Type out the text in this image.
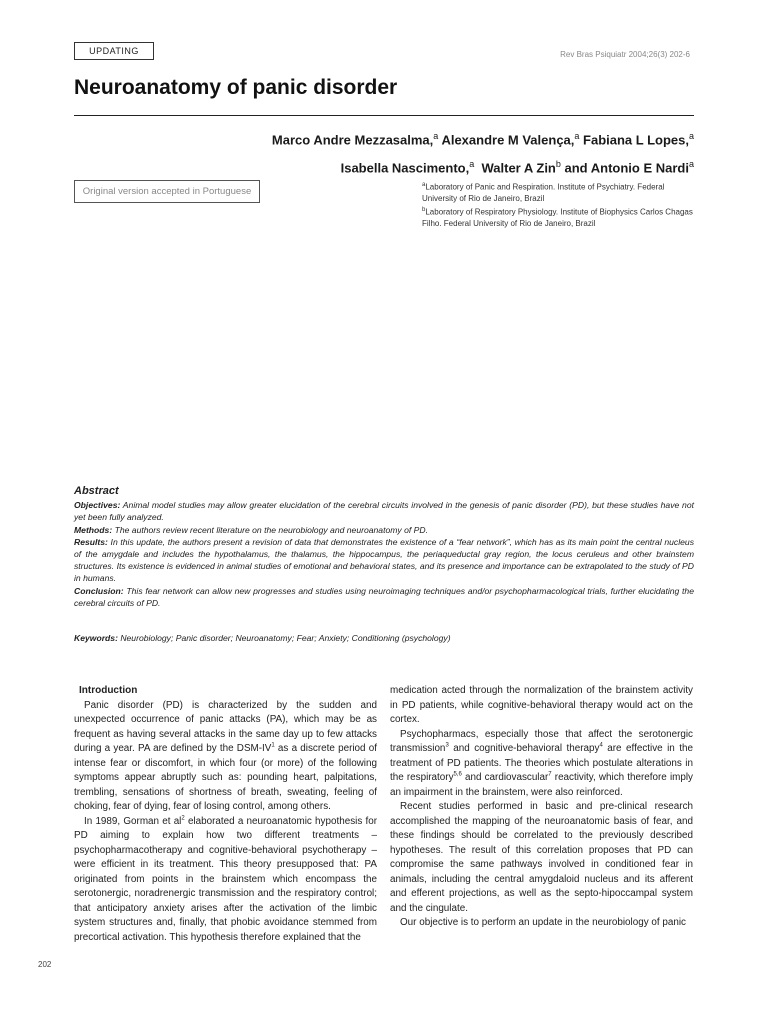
UPDATING	Rev Bras Psiquiatr 2004;26(3) 202-6
Neuroanatomy of panic disorder
Marco Andre Mezzasalma,$^a$ Alexandre M Valença,$^a$ Fabiana L Lopes,$^a$
Isabella Nascimento,$^a$ Walter A Zin$^b$ and Antonio E Nardi$^a$
Original version accepted in Portuguese

$^a$Laboratory of Panic and Respiration. Institute of Psychiatry. Federal University of Rio de Janeiro, Brazil

$^b$Laboratory of Respiratory Physiology. Institute of Biophysics Carlos Chagas Filho. Federal University of Rio de Janeiro, Brazil

Abstract

Objectives: Animal model studies may allow greater elucidation of the cerebral circuits involved in the genesis of panic disorder (PD), but these studies have not yet been fully analyzed.

Methods: The authors review recent literature on the neurobiology and neuroanatomy of PD.

Results: In this update, the authors present a revision of data that demonstrates the existence of a “fear network”, which has as its main point the central nucleus of the amygdale and includes the hypothalamus, the thalamus, the hippocampus, the periaqueductal gray region, the locus ceruleus and other brainstem structures. Its existence is evidenced in animal studies of emotional and behavioral states, and its presence and importance can be extrapolated to the study of PD in humans.

Conclusion: This fear network can allow new progresses and studies using neuroimaging techniques and/or psychopharmacological trials, further elucidating the cerebral circuits of PD.

Keywords: Neurobiology; Panic disorder; Neuroanatomy; Fear; Anxiety; Conditioning (psychology)
Introduction

Panic disorder (PD) is characterized by the sudden and unexpected occurrence of panic attacks (PA), which may be as frequent as having several attacks in the same day up to few attacks during a year. PA are defined by the DSM-$IV^1$ as a discrete period of intense fear or discomfort, in which four (or more) of the following symptoms appear abruptly such as: pounding heart, palpitations, trembling, sensations of shortness of breath, sweating, feeling of choking, fear of dying, fear of losing control, among others.

In 1989, Gorman et $al^2$ elaborated a neuroanatomic hypothesis for PD aiming to explain how two different treatments – psychopharmacotherapy and cognitive-behavioral psychotherapy – were efficient in its treatment. This theory presupposed that: PA originated from points in the brainstem which encompass the serotonergic, noradrenergic transmission and the respiratory control; that anticipatory anxiety arises after the activation of the limbic system structures and, finally, that phobic avoidance stemmed from precortical activation. This hypothesis therefore explained that the

medication acted through the normalization of the brainstem activity in PD patients, while cognitive-behavioral therapy would act on the cortex.

Psychopharmacs, especially those that affect the serotonergic transmission$^3$ and cognitive-behavioral therapy$^4$ are effective in the treatment of PD patients. The theories which postulate alterations in the respiratory$^{5,6}$ and cardiovascular$^7$ reactivity, which therefore imply an impairment in the brainstem, were also reinforced.

Recent studies performed in basic and pre-clinical research accomplished the mapping of the neuroanatomic basis of fear, and these findings should be correlated to the previously described hypotheses. The result of this correlation proposes that PD can compromise the same pathways involved in conditioned fear in animals, including the central amygdaloid nucleus and its afferent and efferent projections, as well as the septo-hipoccampal system and the cingulate.

Our objective is to perform an update in the neurobiology of panic

202
